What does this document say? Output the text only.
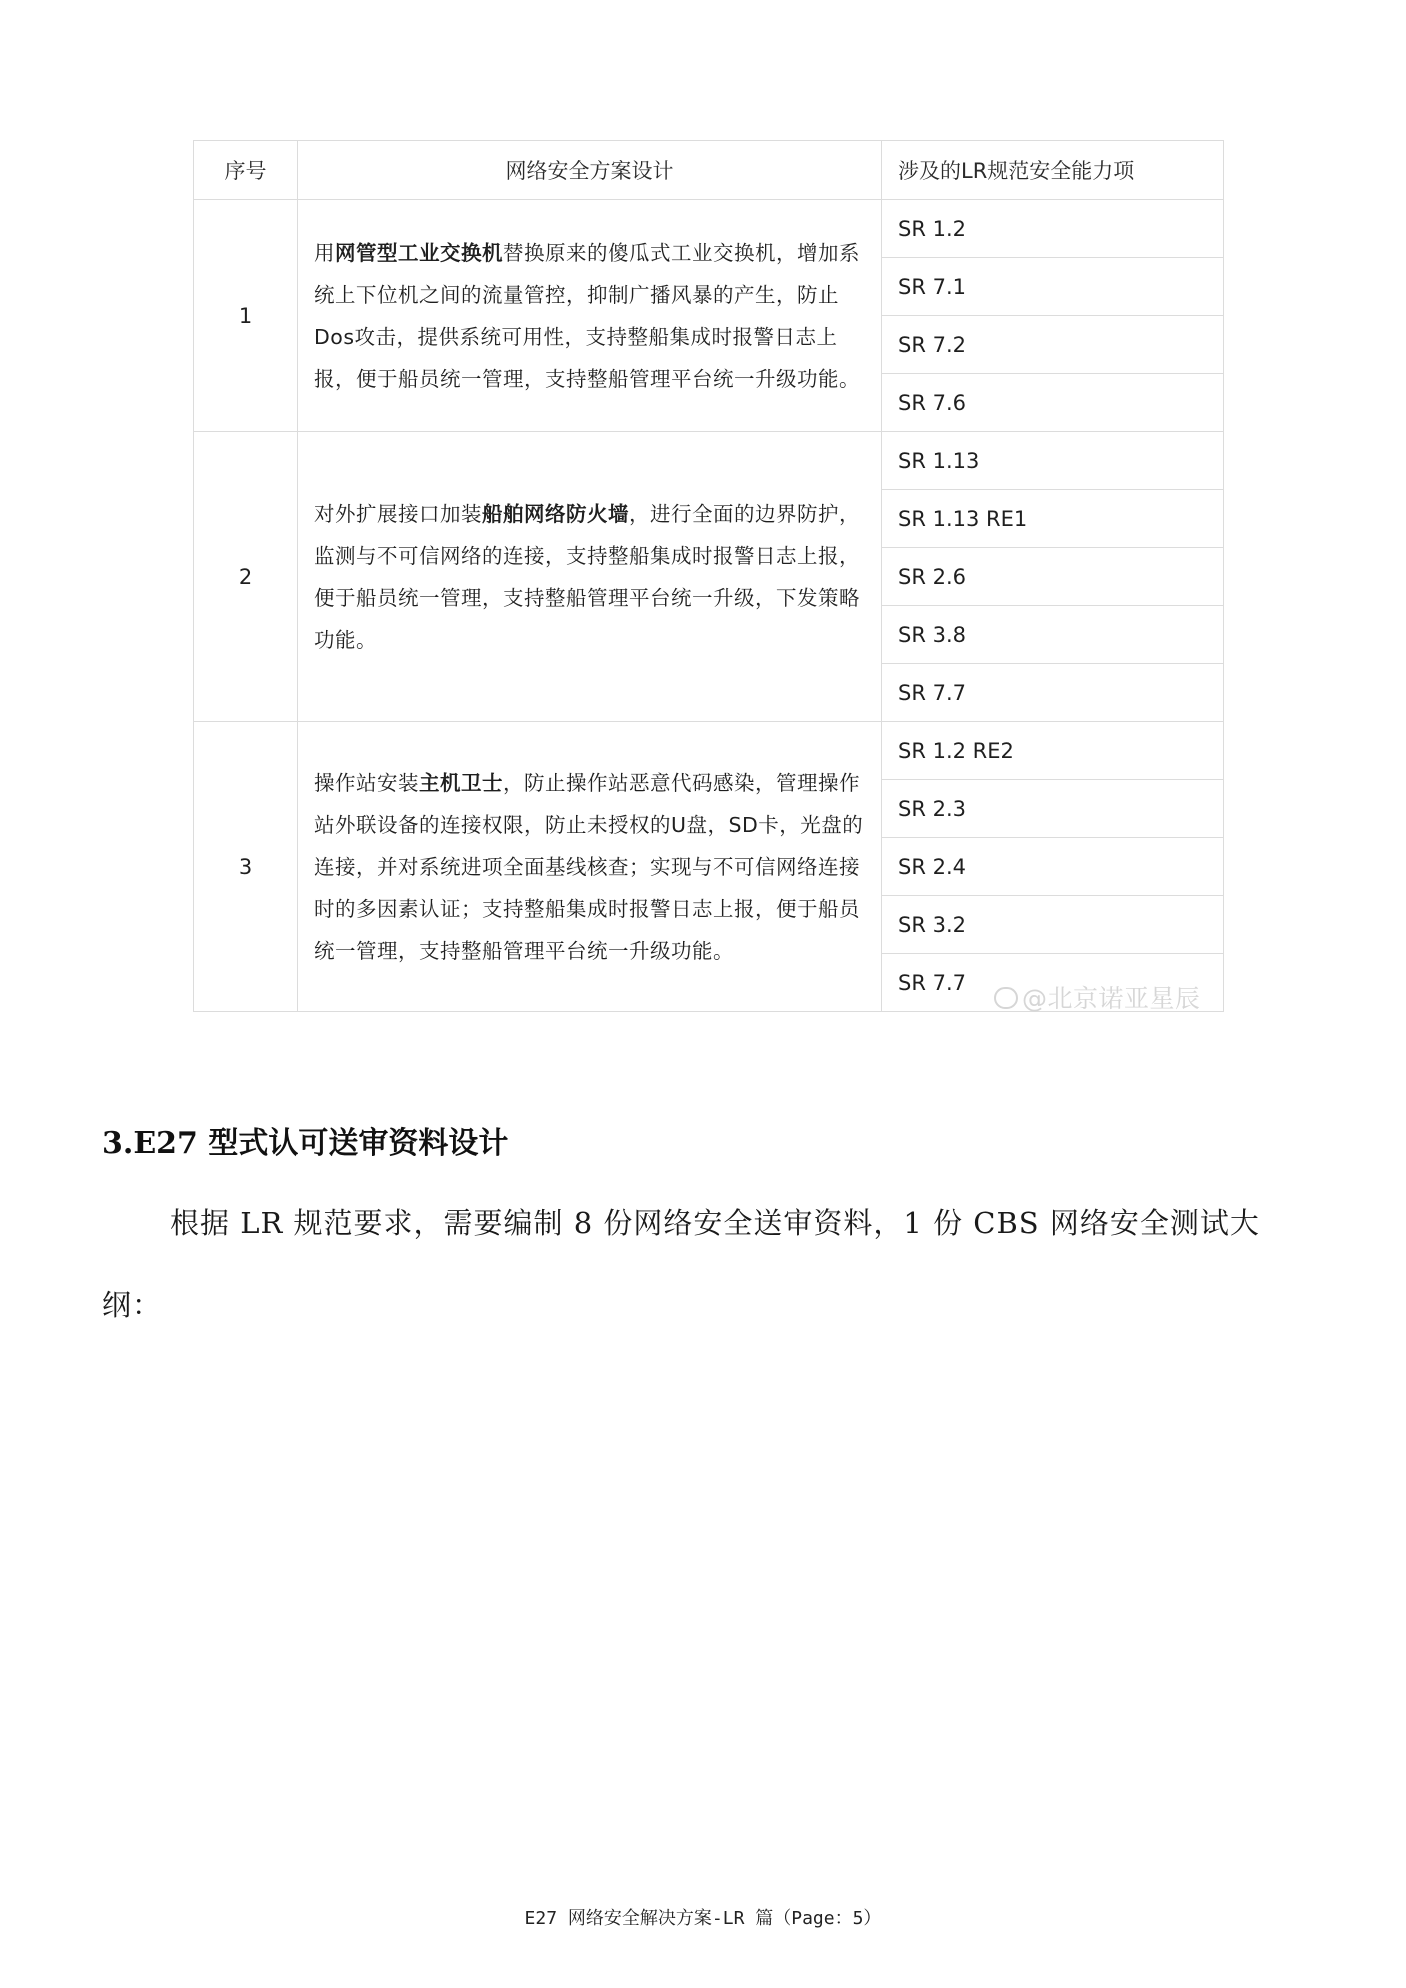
序号	网络安全方案设计	涉及的LR规范安全能力项
1	用网管型工业交换机替换原来的傻瓜式工业交换机，增加系统上下位机之间的流量管控，抑制广播风暴的产生，防止Dos攻击，提供系统可用性，支持整船集成时报警日志上报，便于船员统一管理，支持整船管理平台统一升级功能。	SR 1.2
		SR 7.1
		SR 7.2
		SR 7.6
2	对外扩展接口加装船舶网络防火墙，进行全面的边界防护，监测与不可信网络的连接，支持整船集成时报警日志上报，便于船员统一管理，支持整船管理平台统一升级，下发策略功能。	SR 1.13
		SR 1.13 RE1
		SR 2.6
		SR 3.8
		SR 7.7
3	操作站安装主机卫士，防止操作站恶意代码感染，管理操作站外联设备的连接权限，防止未授权的U盘，SD卡，光盘的连接，并对系统进项全面基线核查；实现与不可信网络连接时的多因素认证；支持整船集成时报警日志上报，便于船员统一管理，支持整船管理平台统一升级功能。	SR 1.2 RE2
		SR 2.3
		SR 2.4
		SR 3.2
		SR 7.7
@北京诺亚星辰
3.E27 型式认可送审资料设计
根据 LR 规范要求，需要编制 8 份网络安全送审资料，1 份 CBS 网络安全测试大纲：
E27 网络安全解决方案-LR 篇（Page：5）
